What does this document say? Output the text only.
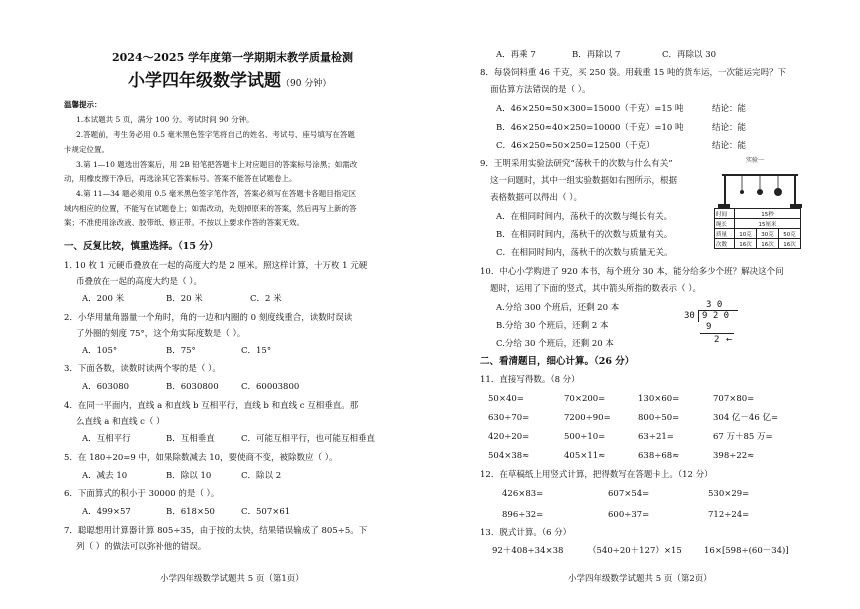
2024～2025 学年度第一学期期末教学质量检测
小学四年级数学试题（90 分钟）
温馨提示：
1.本试题共 5 页，满分 100 分。考试时间 90 分钟。
2.答题前，考生务必用 0.5 毫米黑色签字笔将自己的姓名、考试号、座号填写在答题
卡规定位置。
3.第 1—10 题选出答案后，用 2B 铅笔把答题卡上对应题目的答案标号涂黑；如需改
动，用橡皮擦干净后，再选涂其它答案标号。答案不能答在试题卷上。
4.第 11—34 题必须用 0.5 毫米黑色签字笔作答，答案必须写在答题卡各题目指定区
域内相应的位置，不能写在试题卷上；如需改动，先划掉原来的答案，然后再写上新的答
案；不准使用涂改液、胶带纸、修正带。不按以上要求作答的答案无效。
一、反复比较，慎重选择。（15 分）
1. 10 枚 1 元硬币叠放在一起的高度大约是 2 厘米。照这样计算，十万枚 1 元硬
币叠放在一起的高度大约是（ ）。
A．200 米	B．20 米	C．2 米
2．小华用量角器量一个角时，角的一边和内圈的 0 刻度线重合，读数时误读
了外圈的刻度 75°，这个角实际度数是（ ）。
A．105°	B．75°	C．15°
3．下面各数，读数时读两个零的是（ ）。
A．603080	B．6030800	C．60003800
4．在同一平面内，直线 a 和直线 b 互相平行，直线 b 和直线 c 互相垂直。那
么直线 a 和直线 c（ ）
A．互相平行	B．互相垂直	C．可能互相平行，也可能互相垂直
5．在 180÷20=9 中，如果除数减去 10，要使商不变，被除数应（ ）。
A．减去 10	B．除以 10	C．除以 2
6．下面算式的积小于 30000 的是（ ）。
A．499×57	B．618×50	C．507×61
7．聪聪想用计算器计算 805÷35，由于按的太快，结果错误输成了 805÷5。下
列（ ）的做法可以弥补他的错误。
小学四年级数学试题共 5 页（第1页）
A．再乘 7	B．再除以 7	C．再除以 30
8．每袋饲料重 46 千克，买 250 袋。用载重 15 吨的货车运，一次能运完吗？下
面估算方法错误的是（ ）。
A．46×250≈50×300=15000（千克）=15 吨	结论：能
B．46×250≈40×250=10000（千克）=10 吨	结论：能
C．46×250≈50×250=12500（千克）	结论：能
9．王明采用实验法研究“荡秋千的次数与什么有关”
这一问题时，其中一组实验数据如右图所示，根据
表格数据可以得出（ ）。
A．在相同时间内，荡秋千的次数与绳长有关。
B．在相同时间内，荡秋千的次数与质量有关。
C．在相同时间内，荡秋千的次数与质量无关。
实验一
时间	15秒		
绳长	15厘米		
质量	10克	30克	50克
次数	16次	16次	16次
10．中心小学购进了 920 本书，每个班分 30 本，能分给多少个班？解决这个问
题时，运用了下面的竖式，其中箭头所指的数表示（ ）。
A.分给 300 个班后，还剩 20 本
B.分给 30 个班后，还剩 2 本
C.分给 30 个班后，还剩 20 本
3 0
30 9 2 0
9
2 ←
二、看清题目，细心计算。（26 分）
11．直接写得数。（8 分）
50×40=	70×200=	130×60=	707×80=
630÷70=	7200÷90=	800÷50=	304 亿－46 亿=
420÷20=	500÷10=	63÷21=	67 万＋85 万=
504×38≈	405×11≈	638÷68≈	398÷22≈
12．在草稿纸上用竖式计算，把得数写在答题卡上。（12 分）
426×83=	607×54=	530×29=
896÷32=	600÷37=	712÷24=
13．脱式计算。（6 分）
92＋408÷34×38	（540÷20＋127）×15	16×[598÷(60－34)]
小学四年级数学试题共 5 页（第2页）
